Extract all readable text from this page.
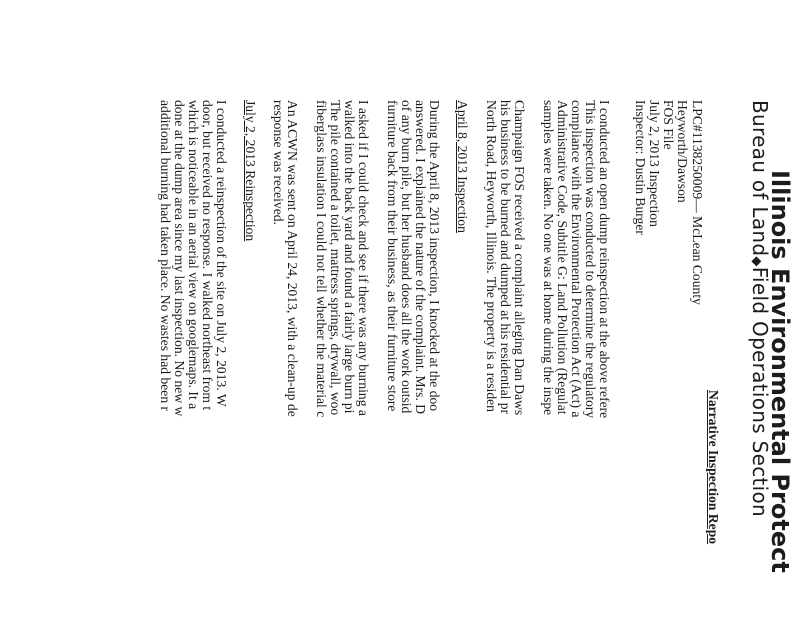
Illinois Environmental Protect
Bureau of Land◆Field Operations Section
Narrative Inspection Repo
LPC#1138250009— McLean County
Heyworth/Dawson
FOS File
July 2, 2013 Inspection
Inspector: Dustin Burger
I conducted an open dump reinspection at the above refere
This inspection was conducted to determine the regulatory
compliance with the Environmental Protection Act (Act) a
Administrative Code, Subtitle G: Land Pollution (Regulat
samples were taken. No one was at home during the inspe
Champaign FOS received a complaint alleging Dan Daws
his business to be burned and dumped at his residential pr
North Road, Heyworth, Illinois. The property is a residen
April 8, 2013 Inspection
During the April 8, 2013 inspection, I knocked at the doo
answered. I explained the nature of the complaint. Mrs. D
of any burn pile, but her husband does all the work outsid
furniture back from their business, as their furniture store
I asked if I could check and see if there was any burning a
walked into the back yard and found a fairly large burn pi
The pile contained a toilet, mattress springs, drywall, woo
fiberglass insulation I could not tell whether the material c
An ACWN was sent on April 24, 2013, with a clean-up de
response was received.
July 2, 2013 Reinspection
I conducted a reinspection of the site on July 2, 2013. W
door, but received no response. I walked northeast from t
which is noticeable in an aerial view on googlemaps. It a
done at the dump area since my last inspection. No new w
additional burning had taken place. No wastes had been r
